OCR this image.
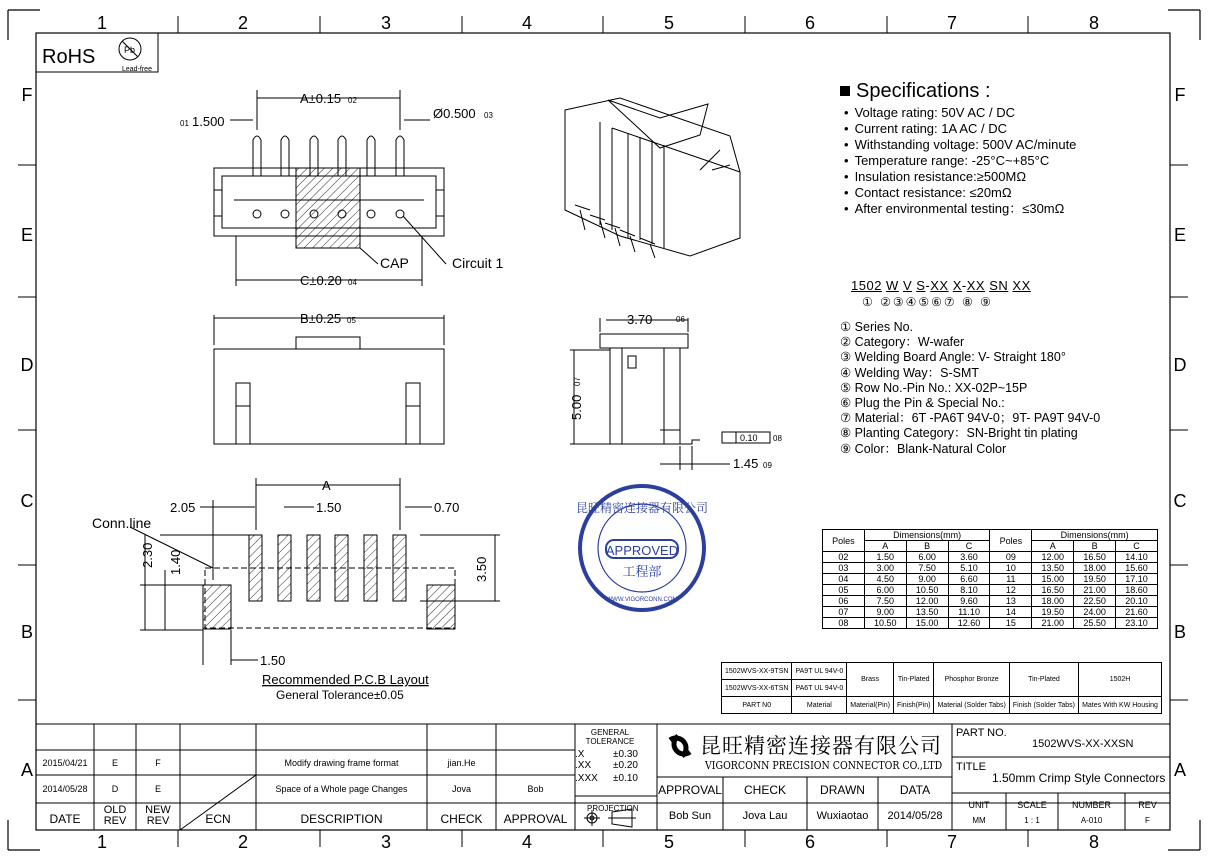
1	2	3	4	5	6	7	8
1	2	3	4	5	6	7	8
F
E
D
C
B
A
F
E
D
C
B
A
RoHS	Pb
Lead-free
A±0.15 02
1.500
01
Ø0.500 03
C±0.20 04
CAP	Circuit 1
B±0.25 05	3.70	06
5.00
07
0.10 08
1.45 09
A
2.05	1.50	0.70
Conn.line
2.30 1.40	3.50
1.50
Recommended P.C.B Layout
General Tolerance±0.05
APPROVED
工程部
昆旺精密连接器有限公司
WWW.VIGORCONN.COM
Specifications :
• Voltage rating: 50V AC / DC
• Current rating: 1A AC / DC
• Withstanding voltage: 500V AC/minute
• Temperature range: -25°C~+85°C
• Insulation resistance:≥500MΩ
• Contact resistance: ≤20mΩ
• After environmental testing：≤30mΩ
1502 W V S-XX X-XX SN XX
① ②③④⑤⑥⑦ ⑧ ⑨
① Series No.
② Category：W-wafer
③ Welding Board Angle: V- Straight 180°
④ Welding Way：S-SMT
⑤ Row No.-Pin No.: XX-02P~15P
⑥ Plug the Pin & Special No.:
⑦ Material：6T -PA6T 94V-0；9T- PA9T 94V-0
⑧ Planting Category：SN-Bright tin plating
⑨ Color：Blank-Natural Color
Poles	Dimensions(mm)			Poles	Dimensions(mm)		
	A	B	C		A	B	C
02	1.50	6.00	3.60	09	12.00	16.50	14.10
03	3.00	7.50	5.10	10	13.50	18.00	15.60
04	4.50	9.00	6.60	11	15.00	19.50	17.10
05	6.00	10.50	8.10	12	16.50	21.00	18.60
06	7.50	12.00	9.60	13	18.00	22.50	20.10
07	9.00	13.50	11.10	14	19.50	24.00	21.60
08	10.50	15.00	12.60	15	21.00	25.50	23.10
1502WVS-XX-9TSN	PA9T UL 94V-0	Brass	Tin-Plated	Phosphor Bronze	Tin-Plated	1502H
1502WVS-XX-6TSN	PA6T UL 94V-0					
PART N0	Material	Material(Pin)	Finish(Pin)	Material (Solder Tabs)	Finish (Solder Tabs)	Mates With KW Housing
2015/04/21	E	F	Modify drawing frame format	jian.He
2014/05/28	D	E	Space of a Whole page Changes	Jova	Bob
DATE
OLD REV
NEW REV	ECN	DESCRIPTION	CHECK	APPROVAL
GENERAL TOLERANCE
.X	±0.30
.XX ±0.20
.XXX ±0.10
PROJECTION
昆旺精密连接器有限公司
VIGORCONN PRECISION CONNECTOR CO.,LTD
APPROVAL	CHECK	DRAWN	DATA
Bob Sun	Jova Lau	Wuxiaotao	2014/05/28
PART NO.
1502WVS-XX-XXSN
TITLE
1.50mm Crimp Style Connectors
UNIT
MM
SCALE
1 : 1
NUMBER
A-010
REV
F
